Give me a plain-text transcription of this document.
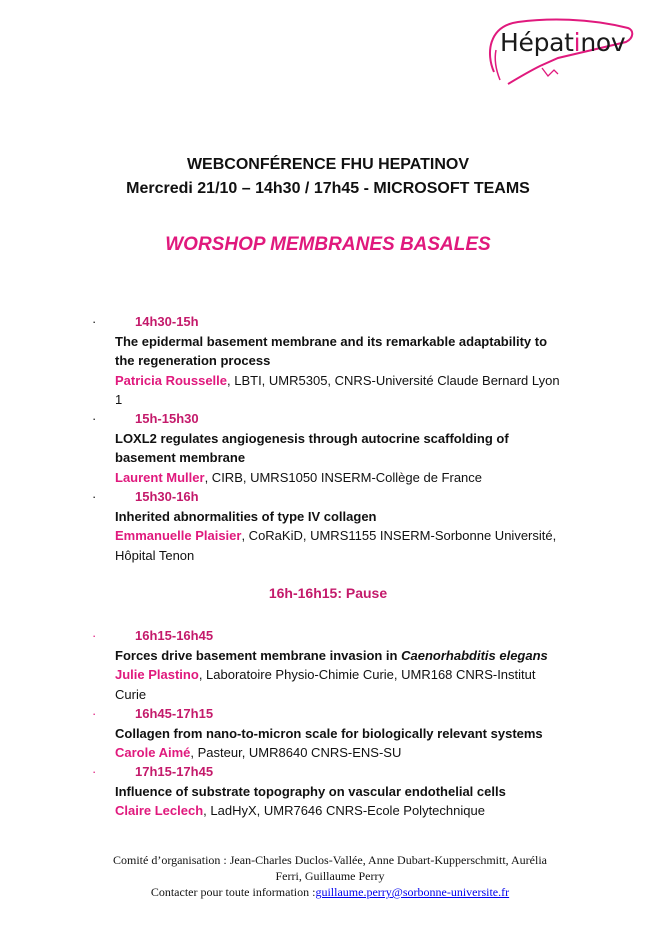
Hépatinov
WEBCONFÉRENCE FHU HEPATINOV
Mercredi 21/10 – 14h30 / 17h45 - MICROSOFT TEAMS
WORSHOP MEMBRANES BASALES
·	14h30-15h
The epidermal basement membrane and its remarkable adaptability to
the regeneration process
Patricia Rousselle, LBTI, UMR5305, CNRS-Université Claude Bernard Lyon
1
·	15h-15h30
LOXL2 regulates angiogenesis through autocrine scaffolding of
basement membrane
Laurent Muller, CIRB, UMRS1050 INSERM-Collège de France
·	15h30-16h
Inherited abnormalities of type IV collagen
Emmanuelle Plaisier, CoRaKiD, UMRS1155 INSERM-Sorbonne Université,
Hôpital Tenon
16h-16h15: Pause
·	16h15-16h45
Forces drive basement membrane invasion in Caenorhabditis elegans
Julie Plastino, Laboratoire Physio-Chimie Curie, UMR168 CNRS-Institut
Curie
·	16h45-17h15
Collagen from nano-to-micron scale for biologically relevant systems
Carole Aimé, Pasteur, UMR8640 CNRS-ENS-SU
·	17h15-17h45
Influence of substrate topography on vascular endothelial cells
Claire Leclech, LadHyX, UMR7646 CNRS-Ecole Polytechnique
Comité d’organisation : Jean-Charles Duclos-Vallée, Anne Dubart-Kupperschmitt, Aurélia
Ferri, Guillaume Perry
Contacter pour toute information :guillaume.perry@sorbonne-universite.fr
